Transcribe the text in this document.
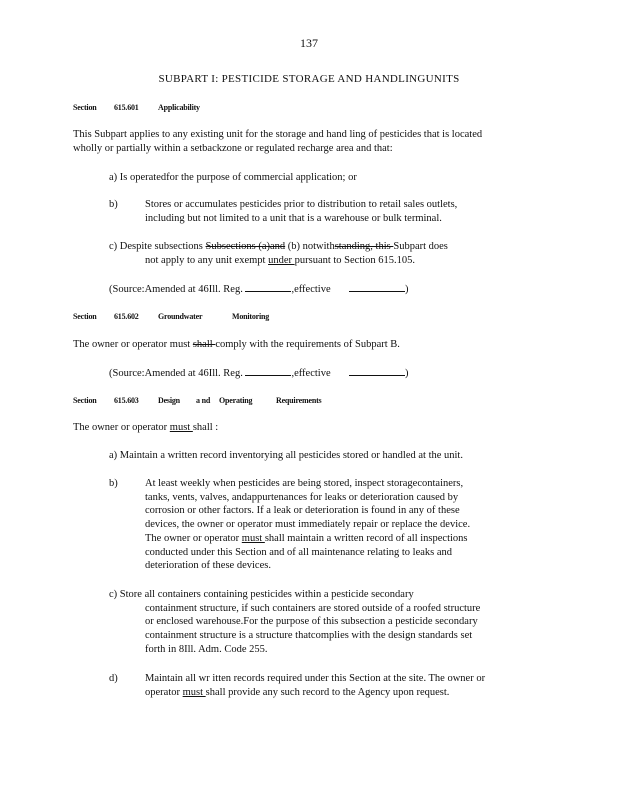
137
SUBPART I: PESTICIDE STORAGE AND HANDLINGUNITS
Section 615.601 Applicability
This Subpart applies to any existing unit for the storage and hand ling of pesticides that is located
wholly or partially within a setbackzone or regulated recharge area and that:
a) Is operatedfor the purpose of commercial application; or
b)	Stores or accumulates pesticides prior to distribution to retail sales outlets,
including but not limited to a unit that is a warehouse or bulk terminal.
c) Despite subsections Subsections (a)and (b) notwithstanding, this Subpart does
not apply to any unit exempt under pursuant to Section 615.105.
(Source:Amended at 46Ill. Reg.	,effective	)
Section 615.602 Groundwater	Monitoring
The owner or operator must shall comply with the requirements of Subpart B.
(Source:Amended at 46Ill. Reg.	,effective	)
Section 615.603 Design a nd Operating	Requirements
The owner or operator must shall :
a) Maintain a written record inventorying all pesticides stored or handled at the unit.
b)	At least weekly when pesticides are being stored, inspect storagecontainers,
tanks, vents, valves, andappurtenances for leaks or deterioration caused by
corrosion or other factors. If a leak or deterioration is found in any of these
devices, the owner or operator must immediately repair or replace the device.
The owner or operator must shall maintain a written record of all inspections
conducted under this Section and of all maintenance relating to leaks and
deterioration of these devices.
c) Store all containers containing pesticides within a pesticide secondary
containment structure, if such containers are stored outside of a roofed structure
or enclosed warehouse.For the purpose of this subsection a pesticide secondary
containment structure is a structure thatcomplies with the design standards set
forth in 8Ill. Adm. Code 255.
d)	Maintain all wr itten records required under this Section at the site. The owner or
operator must shall provide any such record to the Agency upon request.
